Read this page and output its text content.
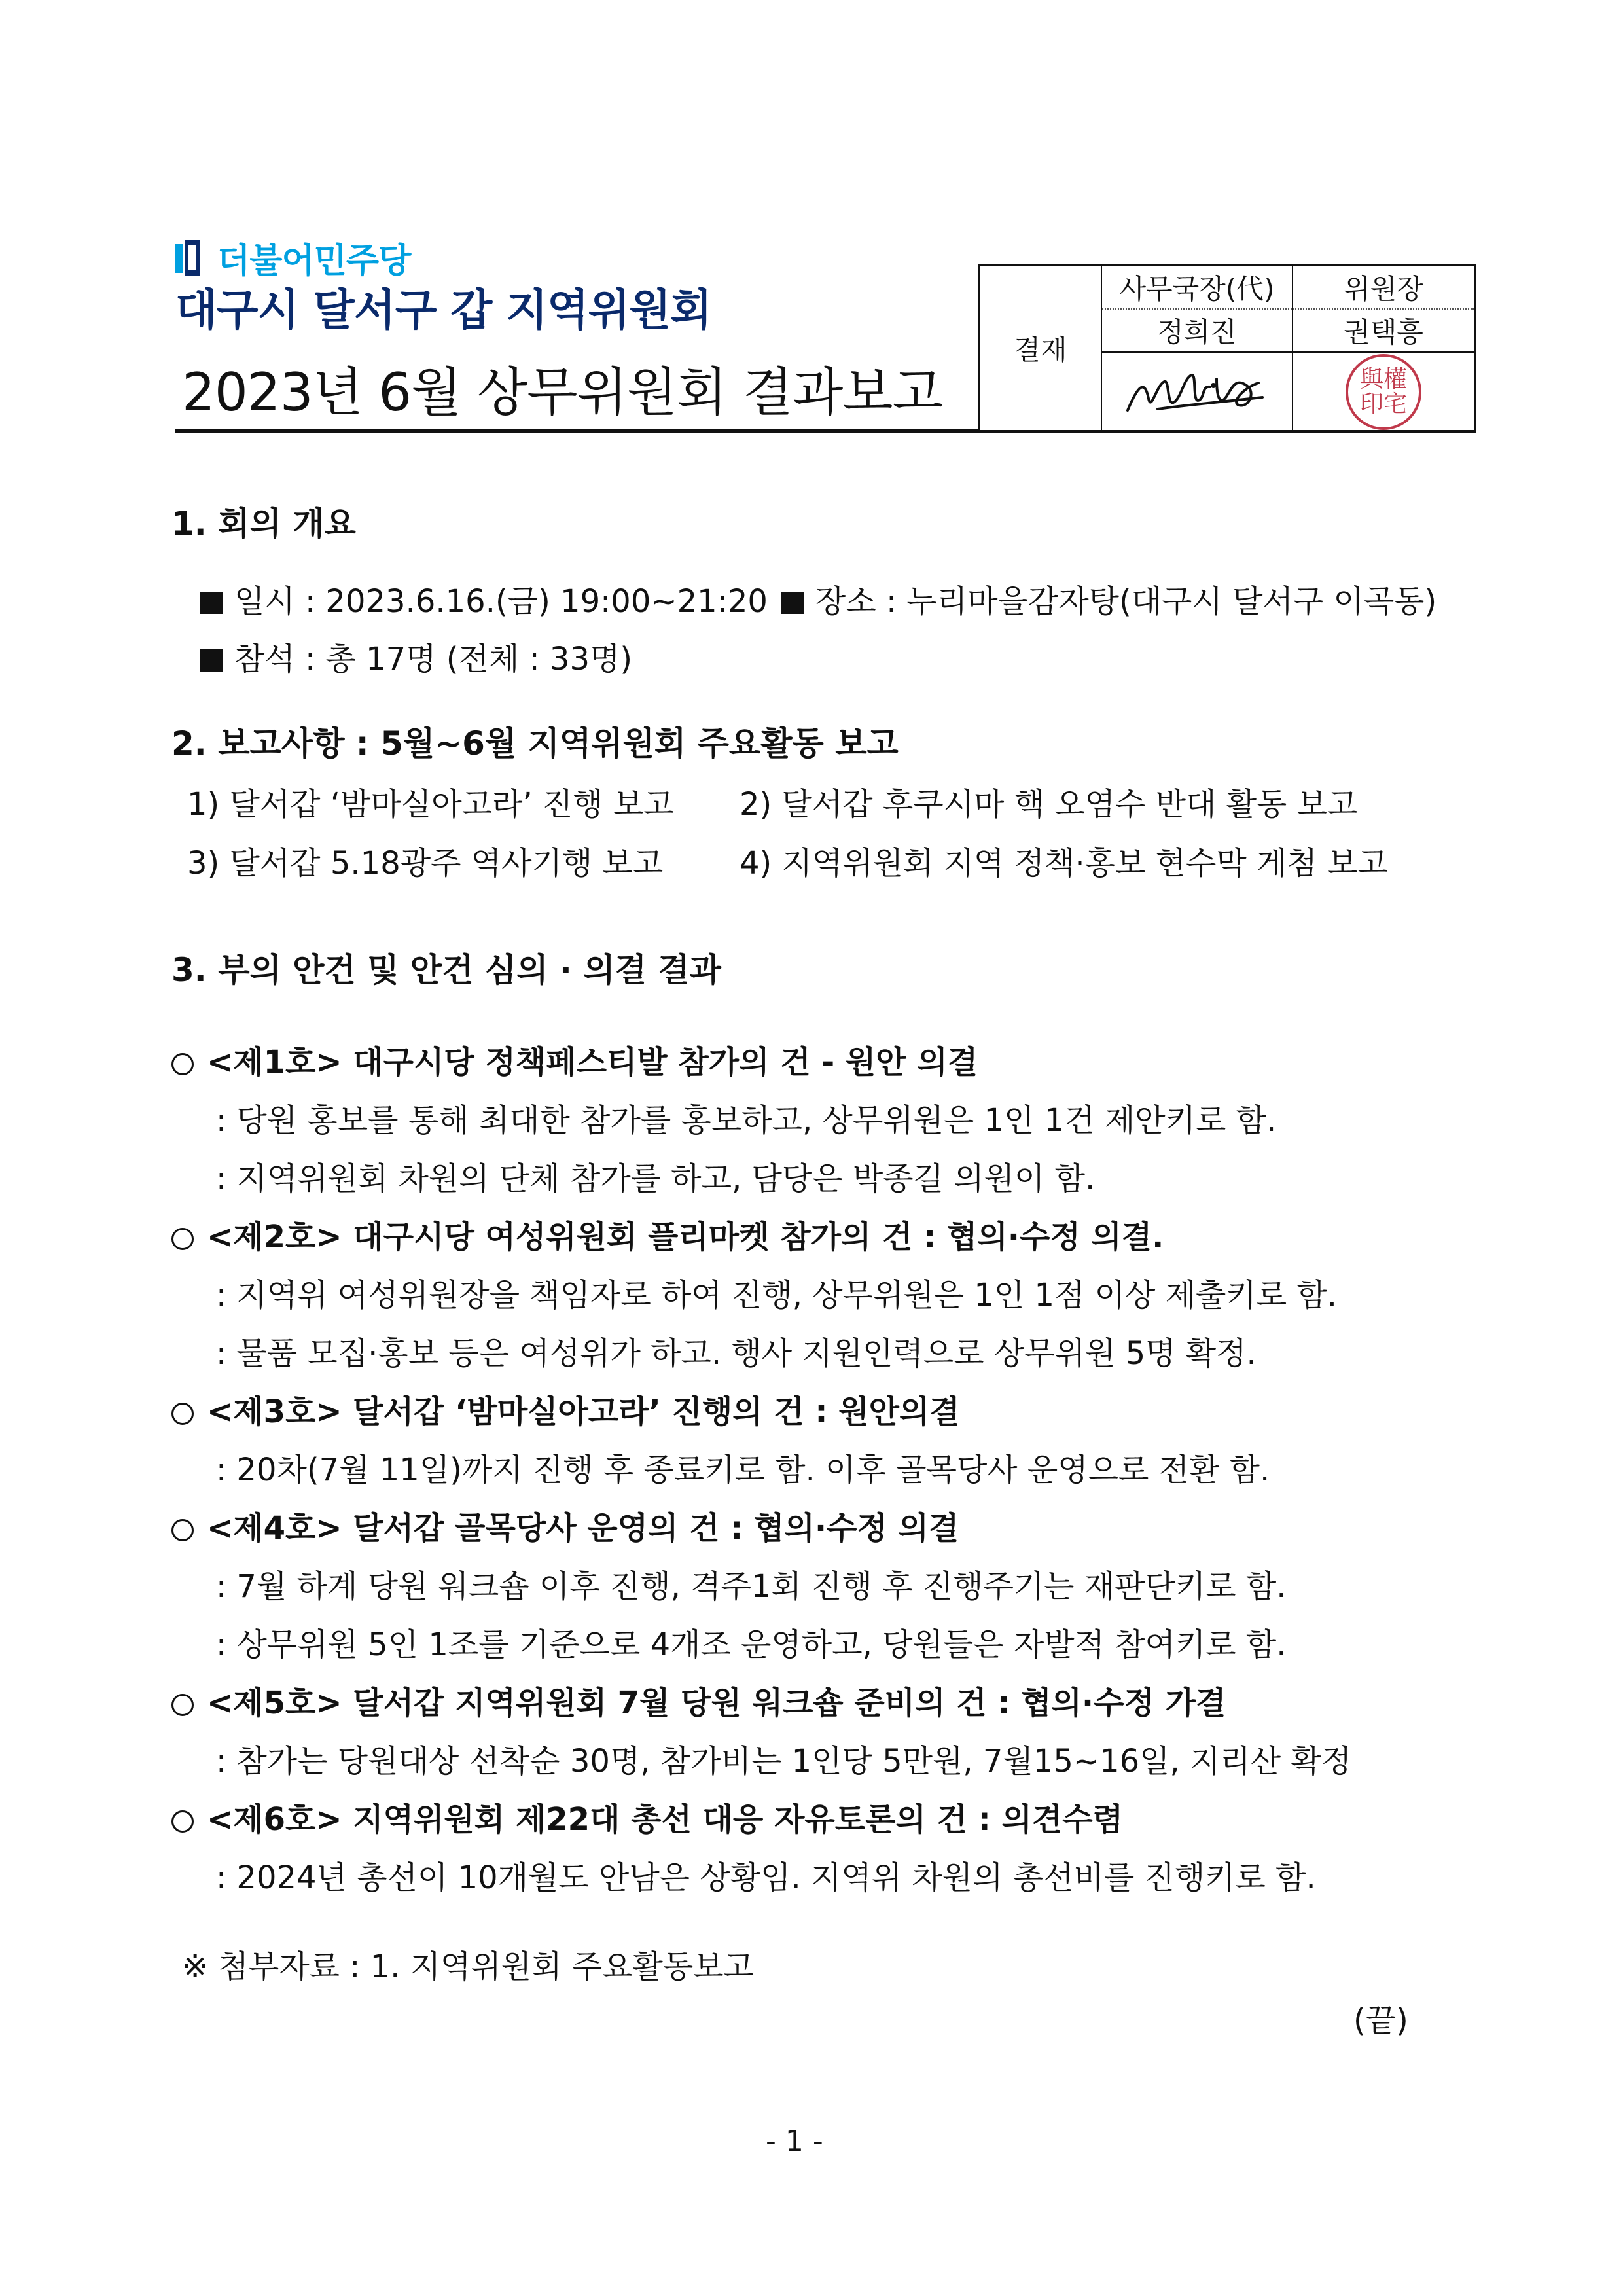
더불어민주당
대구시 달서구 갑 지역위원회
2023년 6월 상무위원회 결과보고
결재
사무국장(代)
정희진
위원장
권택흥
與權
印宅
1. 회의 개요
일시 : 2023.6.16.(금) 19:00~21:20	장소 : 누리마을감자탕(대구시 달서구 이곡동)
참석 : 총 17명 (전체 : 33명)
2. 보고사항 : 5월~6월 지역위원회 주요활동 보고
1) 달서갑 ‘밤마실아고라’ 진행 보고 2) 달서갑 후쿠시마 핵 오염수 반대 활동 보고
3) 달서갑 5.18광주 역사기행 보고 4) 지역위원회 지역 정책·홍보 현수막 게첨 보고
3. 부의 안건 및 안건 심의 · 의결 결과
<제1호> 대구시당 정책페스티발 참가의 건 - 원안 의결
: 당원 홍보를 통해 최대한 참가를 홍보하고, 상무위원은 1인 1건 제안키로 함.
: 지역위원회 차원의 단체 참가를 하고, 담당은 박종길 의원이 함.
<제2호> 대구시당 여성위원회 플리마켓 참가의 건 : 협의·수정 의결.
: 지역위 여성위원장을 책임자로 하여 진행, 상무위원은 1인 1점 이상 제출키로 함.
: 물품 모집·홍보 등은 여성위가 하고. 행사 지원인력으로 상무위원 5명 확정.
<제3호> 달서갑 ‘밤마실아고라’ 진행의 건 : 원안의결
: 20차(7월 11일)까지 진행 후 종료키로 함. 이후 골목당사 운영으로 전환 함.
<제4호> 달서갑 골목당사 운영의 건 : 협의·수정 의결
: 7월 하계 당원 워크숍 이후 진행, 격주1회 진행 후 진행주기는 재판단키로 함.
: 상무위원 5인 1조를 기준으로 4개조 운영하고, 당원들은 자발적 참여키로 함.
<제5호> 달서갑 지역위원회 7월 당원 워크숍 준비의 건 : 협의·수정 가결
: 참가는 당원대상 선착순 30명, 참가비는 1인당 5만원, 7월15~16일, 지리산 확정
<제6호> 지역위원회 제22대 총선 대응 자유토론의 건 : 의견수렴
: 2024년 총선이 10개월도 안남은 상황임. 지역위 차원의 총선비를 진행키로 함.
※ 첨부자료 : 1. 지역위원회 주요활동보고
(끝)
- 1 -
